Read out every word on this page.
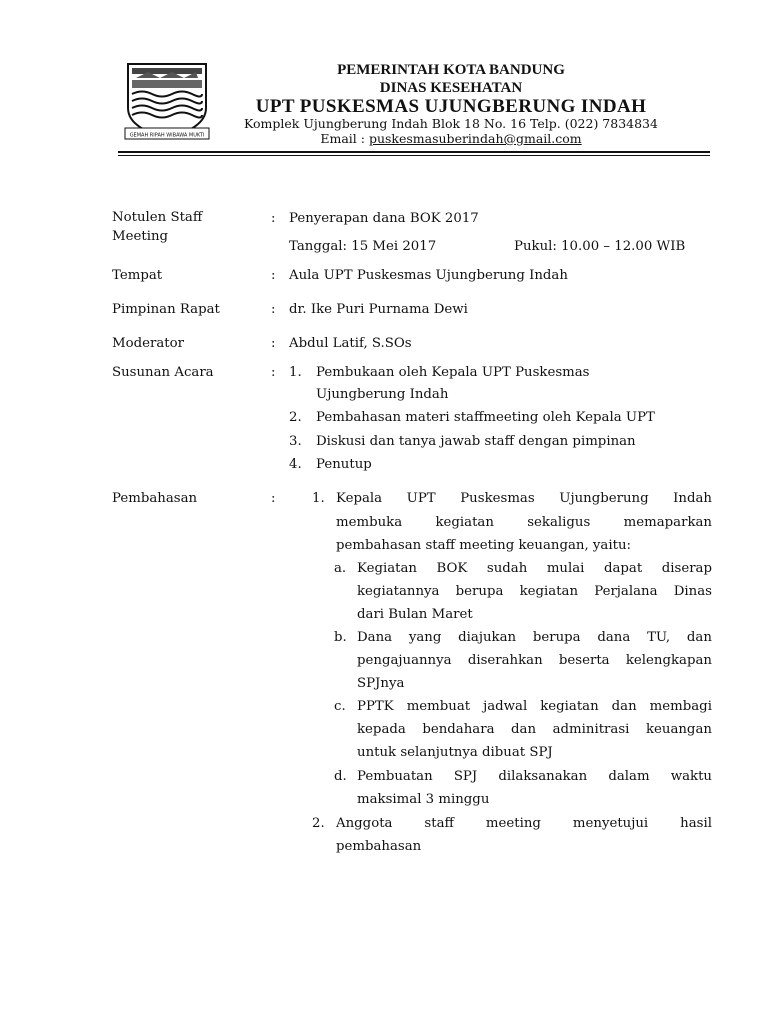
GEMAH RIPAH WIBAWA MUKTI
PEMERINTAH KOTA BANDUNG
DINAS KESEHATAN
UPT PUSKESMAS UJUNGBERUNG INDAH
Komplek Ujungberung Indah Blok 18 No. 16 Telp. (022) 7834834
Email : puskesmasuberindah@gmail.com
Notulen Staff
Meeting
: Penyerapan dana BOK 2017
Tanggal: 15 Mei 2017	Pukul: 10.00 – 12.00 WIB
Tempat	: Aula UPT Puskesmas Ujungberung Indah
Pimpinan Rapat	: dr. Ike Puri Purnama Dewi
Moderator	: Abdul Latif, S.SOs
Susunan Acara	: 1. Pembukaan oleh Kepala UPT Puskesmas
Ujungberung Indah
2. Pembahasan materi staffmeeting oleh Kepala UPT
3. Diskusi dan tanya jawab staff dengan pimpinan
4. Penutup
Pembahasan	:	1. Kepala UPT Puskesmas Ujungberung Indah
membuka	kegiatan	sekaligus	memaparkan
pembahasan staff meeting keuangan, yaitu:
a. Kegiatan BOK sudah mulai dapat diserap
kegiatannya berupa kegiatan Perjalana Dinas
dari Bulan Maret
b. Dana yang diajukan berupa dana TU, dan
pengajuannya diserahkan beserta kelengkapan
SPJnya
c. PPTK membuat jadwal kegiatan dan membagi
kepada bendahara dan adminitrasi keuangan
untuk selanjutnya dibuat SPJ
d. Pembuatan SPJ dilaksanakan dalam waktu
maksimal 3 minggu
2. Anggota staff meeting menyetujui hasil
pembahasan
